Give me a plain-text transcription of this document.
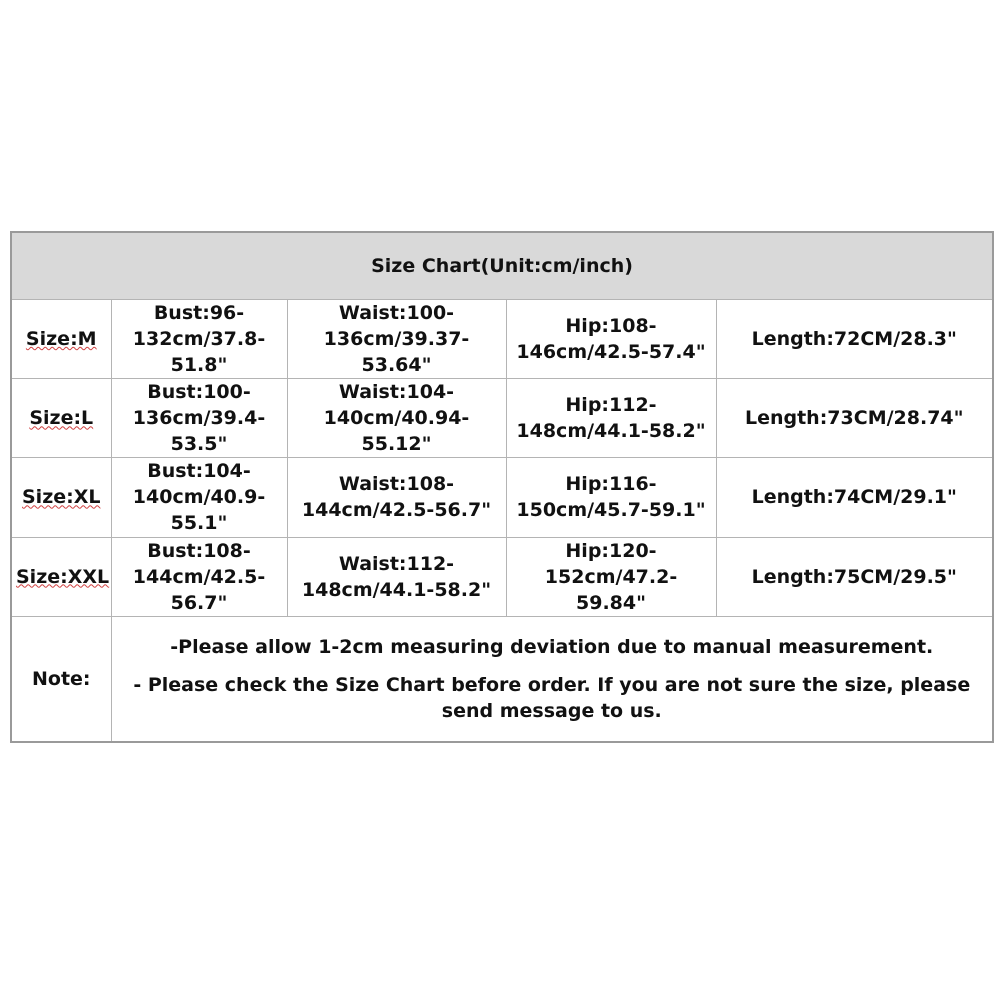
Size Chart(Unit:cm/inch)				
Size:M	Bust:96-132cm/37.8-51.8"	Waist:100-136cm/39.37-53.64"	Hip:108-146cm/42.5-57.4"	Length:72CM/28.3"
Size:L	Bust:100-136cm/39.4-53.5"	Waist:104-140cm/40.94-55.12"	Hip:112-148cm/44.1-58.2"	Length:73CM/28.74"
Size:XL	Bust:104-140cm/40.9-55.1"	Waist:108-144cm/42.5-56.7"	Hip:116-150cm/45.7-59.1"	Length:74CM/29.1"
Size:XXL	Bust:108-144cm/42.5-56.7"	Waist:112-148cm/44.1-58.2"	Hip:120-152cm/47.2-59.84"	Length:75CM/29.5"
Note:	-Please allow 1-2cm measuring deviation due to manual measurement.

- Please check the Size Chart before order. If you are not sure the size, please send message to us.			
